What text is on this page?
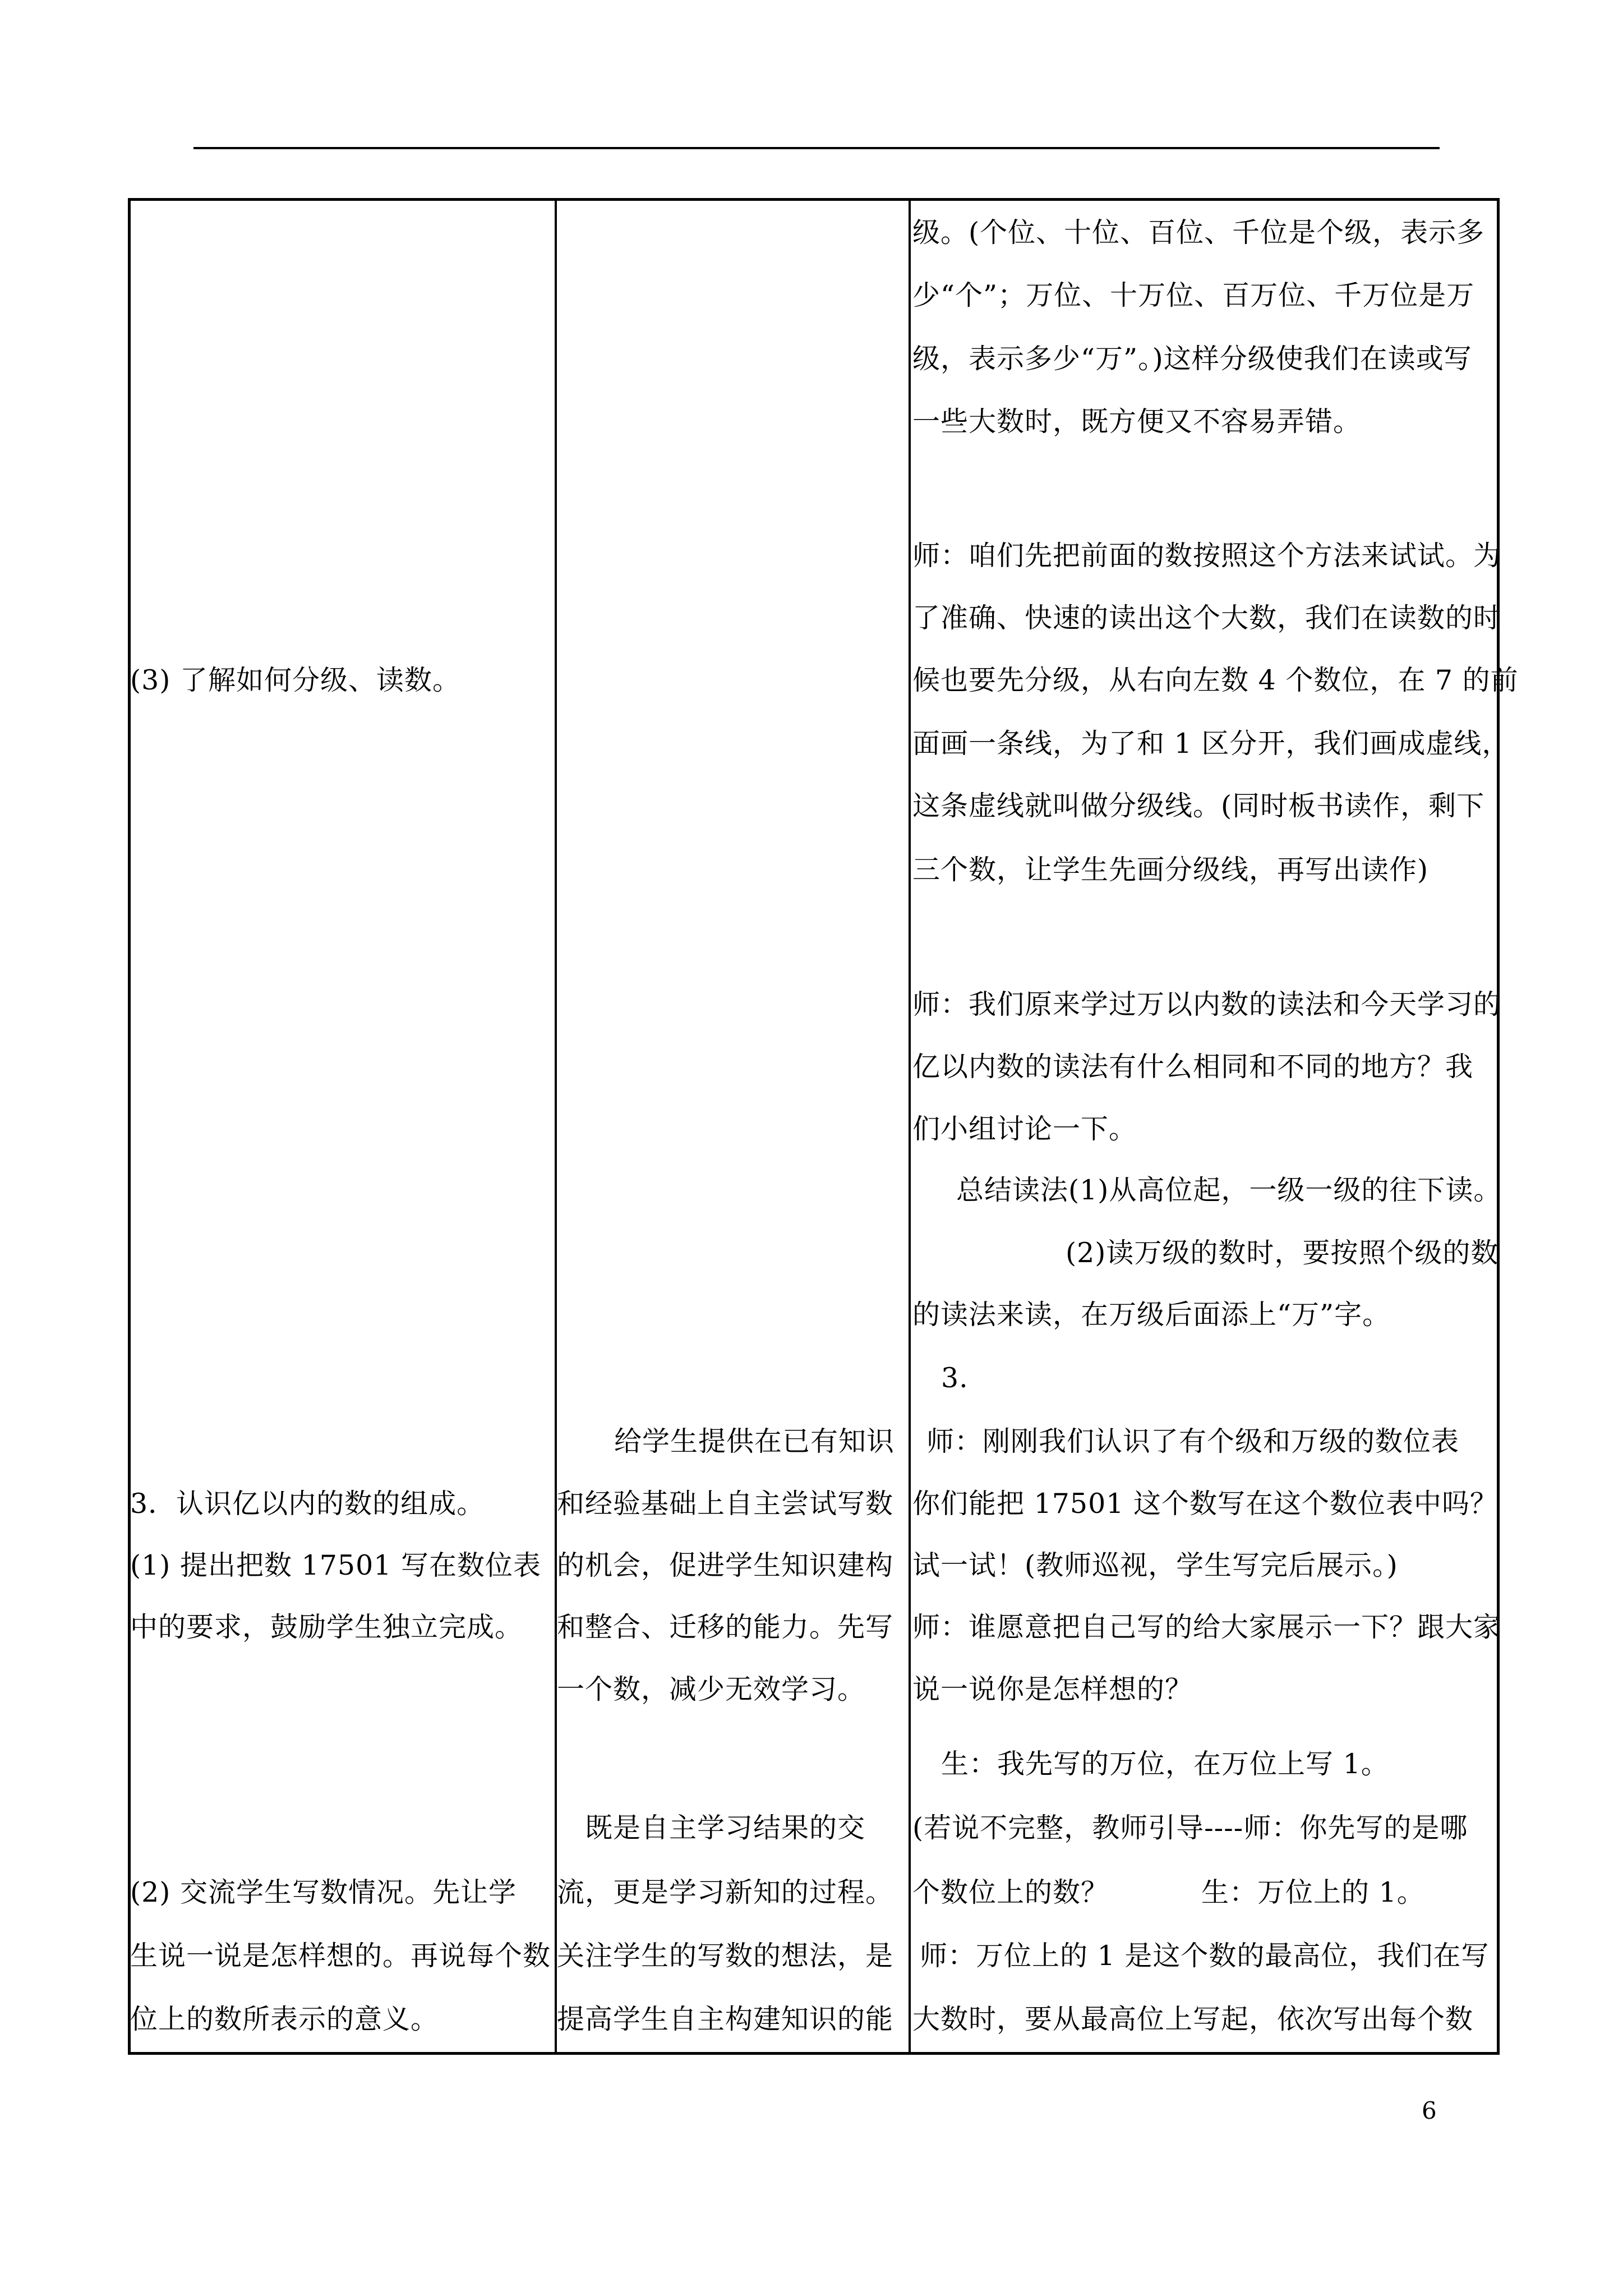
(3) 了解如何分级、读数。
3．认识亿以内的数的组成。
(1) 提出把数 17501 写在数位表
中的要求，鼓励学生独立完成。
(2) 交流学生写数情况。先让学
生说一说是怎样想的。再说每个数
位上的数所表示的意义。
给学生提供在已有知识
和经验基础上自主尝试写数
的机会，促进学生知识建构
和整合、迁移的能力。先写
一个数，减少无效学习。
既是自主学习结果的交
流，更是学习新知的过程。
关注学生的写数的想法，是
提高学生自主构建知识的能
级。(个位、十位、百位、千位是个级，表示多
少“个”；万位、十万位、百万位、千万位是万
级，表示多少“万”。)这样分级使我们在读或写
一些大数时，既方便又不容易弄错。
师：咱们先把前面的数按照这个方法来试试。为
了准确、快速的读出这个大数，我们在读数的时
候也要先分级，从右向左数 4 个数位，在 7 的前
面画一条线，为了和 1 区分开，我们画成虚线，
这条虚线就叫做分级线。(同时板书读作，剩下
三个数，让学生先画分级线，再写出读作)
师：我们原来学过万以内数的读法和今天学习的
亿以内数的读法有什么相同和不同的地方？我
们小组讨论一下。
总结读法(1)从高位起，一级一级的往下读。
(2)读万级的数时，要按照个级的数
的读法来读，在万级后面添上“万”字。
3.
师：刚刚我们认识了有个级和万级的数位表
你们能把 17501 这个数写在这个数位表中吗？
试一试！(教师巡视，学生写完后展示。)
师：谁愿意把自己写的给大家展示一下？跟大家
说一说你是怎样想的？
生：我先写的万位，在万位上写 1。
(若说不完整，教师引导----师：你先写的是哪
个数位上的数？	生：万位上的 1。
师：万位上的 1 是这个数的最高位，我们在写
大数时，要从最高位上写起，依次写出每个数
6
